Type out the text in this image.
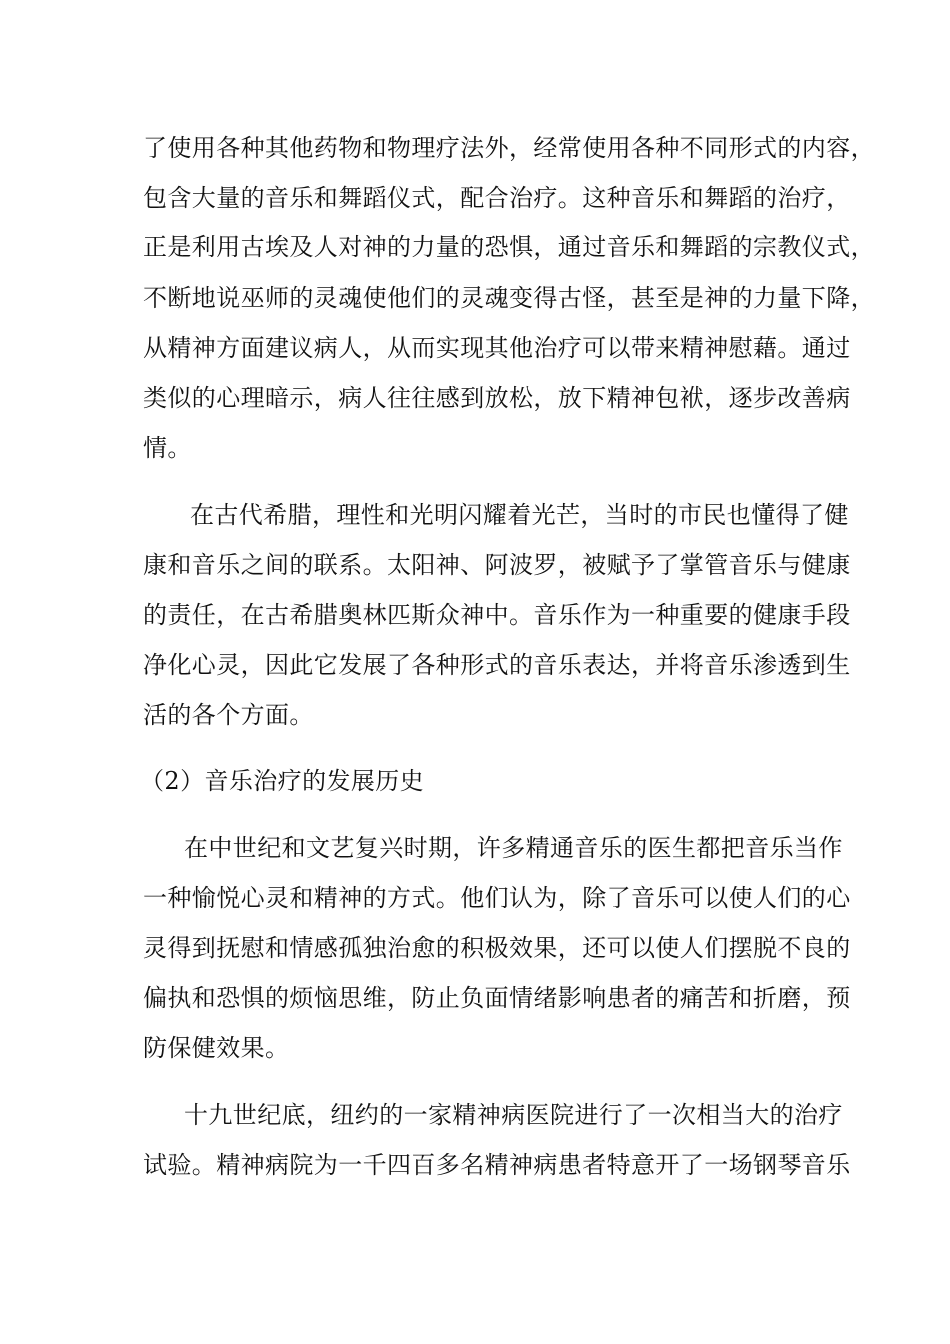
了使用各种其他药物和物理疗法外，经常使用各种不同形式的内容，
包含大量的音乐和舞蹈仪式，配合治疗。这种音乐和舞蹈的治疗，
正是利用古埃及人对神的力量的恐惧，通过音乐和舞蹈的宗教仪式，
不断地说巫师的灵魂使他们的灵魂变得古怪，甚至是神的力量下降，
从精神方面建议病人，从而实现其他治疗可以带来精神慰藉。通过
类似的心理暗示，病人往往感到放松，放下精神包袱，逐步改善病
情。
在古代希腊，理性和光明闪耀着光芒，当时的市民也懂得了健
康和音乐之间的联系。太阳神、阿波罗，被赋予了掌管音乐与健康
的责任，在古希腊奥林匹斯众神中。音乐作为一种重要的健康手段
净化心灵，因此它发展了各种形式的音乐表达，并将音乐渗透到生
活的各个方面。
（2）音乐治疗的发展历史
在中世纪和文艺复兴时期，许多精通音乐的医生都把音乐当作
一种愉悦心灵和精神的方式。他们认为，除了音乐可以使人们的心
灵得到抚慰和情感孤独治愈的积极效果，还可以使人们摆脱不良的
偏执和恐惧的烦恼思维，防止负面情绪影响患者的痛苦和折磨，预
防保健效果。
十九世纪底，纽约的一家精神病医院进行了一次相当大的治疗
试验。精神病院为一千四百多名精神病患者特意开了一场钢琴音乐
